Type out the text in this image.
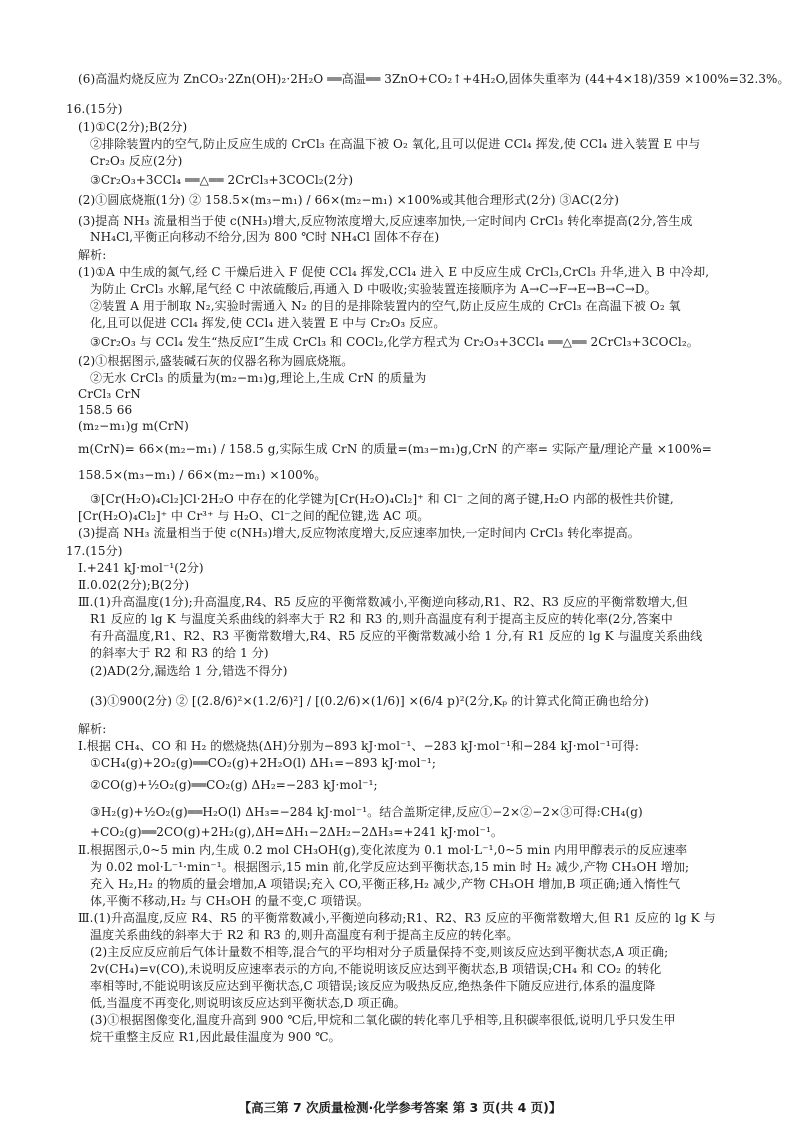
(6)高温灼烧反应为 ZnCO₃·2Zn(OH)₂·2H₂O ══高温══ 3ZnO+CO₂↑+4H₂O,固体失重率为 (44+4×18)/359 ×100%=32.3%。
16.(15分)
(1)①C(2分);B(2分)
②排除装置内的空气,防止反应生成的 CrCl₃ 在高温下被 O₂ 氧化,且可以促进 CCl₄ 挥发,使 CCl₄ 进入装置 E 中与
Cr₂O₃ 反应(2分)
③Cr₂O₃+3CCl₄ ══△══ 2CrCl₃+3COCl₂(2分)
(2)①圆底烧瓶(1分) ② 158.5×(m₃−m₁) / 66×(m₂−m₁) ×100%或其他合理形式(2分) ③AC(2分)
(3)提高 NH₃ 流量相当于使 c(NH₃)增大,反应物浓度增大,反应速率加快,一定时间内 CrCl₃ 转化率提高(2分,答生成
NH₄Cl,平衡正向移动不给分,因为 800 ℃时 NH₄Cl 固体不存在)
解析:
(1)①A 中生成的氮气,经 C 干燥后进入 F 促使 CCl₄ 挥发,CCl₄ 进入 E 中反应生成 CrCl₃,CrCl₃ 升华,进入 B 中冷却,
为防止 CrCl₃ 水解,尾气经 C 中浓硫酸后,再通入 D 中吸收;实验装置连接顺序为 A→C→F→E→B→C→D。
②装置 A 用于制取 N₂,实验时需通入 N₂ 的目的是排除装置内的空气,防止反应生成的 CrCl₃ 在高温下被 O₂ 氧
化,且可以促进 CCl₄ 挥发,使 CCl₄ 进入装置 E 中与 Cr₂O₃ 反应。
③Cr₂O₃ 与 CCl₄ 发生“热反应Ⅰ”生成 CrCl₃ 和 COCl₂,化学方程式为 Cr₂O₃+3CCl₄ ══△══ 2CrCl₃+3COCl₂。
(2)①根据图示,盛装碱石灰的仪器名称为圆底烧瓶。
②无水 CrCl₃ 的质量为(m₂−m₁)g,理论上,生成 CrN 的质量为
CrCl₃ CrN
158.5 66
(m₂−m₁)g m(CrN)
m(CrN)= 66×(m₂−m₁) / 158.5 g,实际生成 CrN 的质量=(m₃−m₁)g,CrN 的产率= 实际产量/理论产量 ×100%=
158.5×(m₃−m₁) / 66×(m₂−m₁) ×100%。
③[Cr(H₂O)₄Cl₂]Cl·2H₂O 中存在的化学键为[Cr(H₂O)₄Cl₂]⁺ 和 Cl⁻ 之间的离子键,H₂O 内部的极性共价键,
[Cr(H₂O)₄Cl₂]⁺ 中 Cr³⁺ 与 H₂O、Cl⁻之间的配位键,选 AC 项。
(3)提高 NH₃ 流量相当于使 c(NH₃)增大,反应物浓度增大,反应速率加快,一定时间内 CrCl₃ 转化率提高。
17.(15分)
Ⅰ.+241 kJ·mol⁻¹(2分)
Ⅱ.0.02(2分);B(2分)
Ⅲ.(1)升高温度(1分);升高温度,R4、R5 反应的平衡常数减小,平衡逆向移动,R1、R2、R3 反应的平衡常数增大,但
R1 反应的 lg K 与温度关系曲线的斜率大于 R2 和 R3 的,则升高温度有利于提高主反应的转化率(2分,答案中
有升高温度,R1、R2、R3 平衡常数增大,R4、R5 反应的平衡常数减小给 1 分,有 R1 反应的 lg K 与温度关系曲线
的斜率大于 R2 和 R3 的给 1 分)
(2)AD(2分,漏选给 1 分,错选不得分)
(3)①900(2分) ② [(2.8/6)²×(1.2/6)²] / [(0.2/6)×(1/6)] ×(6/4 p)²(2分,Kₚ 的计算式化简正确也给分)
解析:
Ⅰ.根据 CH₄、CO 和 H₂ 的燃烧热(ΔH)分别为−893 kJ·mol⁻¹、−283 kJ·mol⁻¹和−284 kJ·mol⁻¹可得:
①CH₄(g)+2O₂(g)══CO₂(g)+2H₂O(l) ΔH₁=−893 kJ·mol⁻¹;
②CO(g)+½O₂(g)══CO₂(g) ΔH₂=−283 kJ·mol⁻¹;
③H₂(g)+½O₂(g)══H₂O(l) ΔH₃=−284 kJ·mol⁻¹。结合盖斯定律,反应①−2×②−2×③可得:CH₄(g)
+CO₂(g)══2CO(g)+2H₂(g),ΔH=ΔH₁−2ΔH₂−2ΔH₃=+241 kJ·mol⁻¹。
Ⅱ.根据图示,0~5 min 内,生成 0.2 mol CH₃OH(g),变化浓度为 0.1 mol·L⁻¹,0~5 min 内用甲醇表示的反应速率
为 0.02 mol·L⁻¹·min⁻¹。根据图示,15 min 前,化学反应达到平衡状态,15 min 时 H₂ 减少,产物 CH₃OH 增加;
充入 H₂,H₂ 的物质的量会增加,A 项错误;充入 CO,平衡正移,H₂ 减少,产物 CH₃OH 增加,B 项正确;通入惰性气
体,平衡不移动,H₂ 与 CH₃OH 的量不变,C 项错误。
Ⅲ.(1)升高温度,反应 R4、R5 的平衡常数减小,平衡逆向移动;R1、R2、R3 反应的平衡常数增大,但 R1 反应的 lg K 与
温度关系曲线的斜率大于 R2 和 R3 的,则升高温度有利于提高主反应的转化率。
(2)主反应反应前后气体计量数不相等,混合气的平均相对分子质量保持不变,则该反应达到平衡状态,A 项正确;
2v(CH₄)=v(CO),未说明反应速率表示的方向,不能说明该反应达到平衡状态,B 项错误;CH₄ 和 CO₂ 的转化
率相等时,不能说明该反应达到平衡状态,C 项错误;该反应为吸热反应,绝热条件下随反应进行,体系的温度降
低,当温度不再变化,则说明该反应达到平衡状态,D 项正确。
(3)①根据图像变化,温度升高到 900 ℃后,甲烷和二氧化碳的转化率几乎相等,且积碳率很低,说明几乎只发生甲
烷干重整主反应 R1,因此最佳温度为 900 ℃。
【高三第 7 次质量检测·化学参考答案 第 3 页(共 4 页)】
